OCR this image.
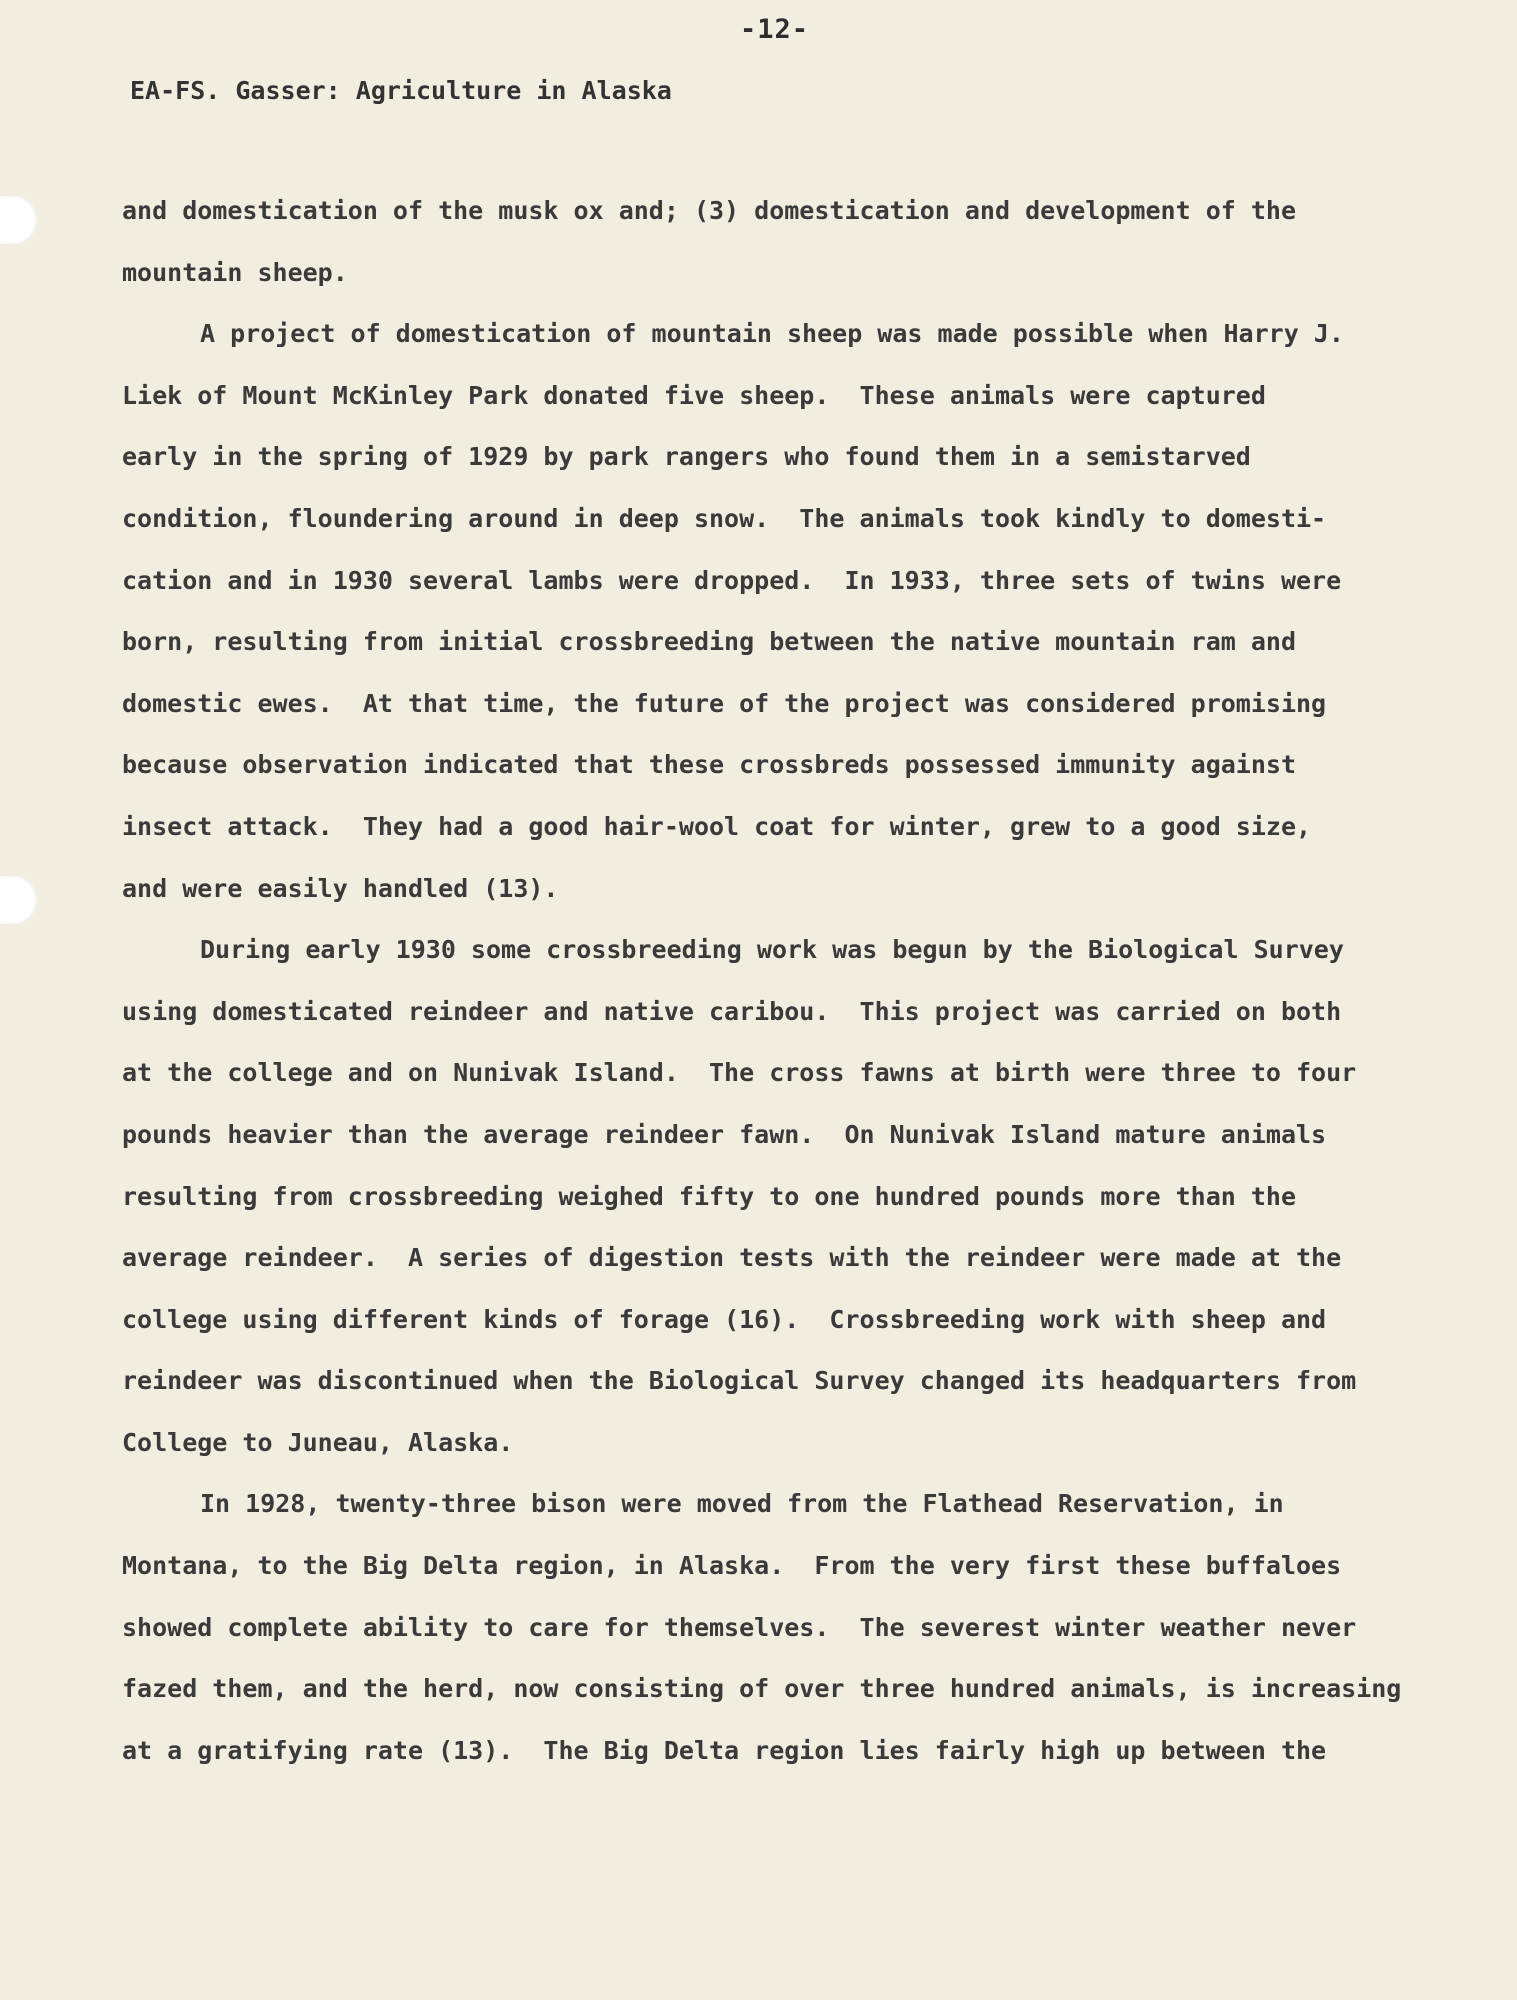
-12-
EA-FS. Gasser: Agriculture in Alaska
and domestication of the musk ox and; (3) domestication and development of the
mountain sheep.
A project of domestication of mountain sheep was made possible when Harry J.
Liek of Mount McKinley Park donated five sheep.  These animals were captured
early in the spring of 1929 by park rangers who found them in a semistarved
condition, floundering around in deep snow.  The animals took kindly to domesti-
cation and in 1930 several lambs were dropped.  In 1933, three sets of twins were
born, resulting from initial crossbreeding between the native mountain ram and
domestic ewes.  At that time, the future of the project was considered promising
because observation indicated that these crossbreds possessed immunity against
insect attack.  They had a good hair-wool coat for winter, grew to a good size,
and were easily handled (13).
During early 1930 some crossbreeding work was begun by the Biological Survey
using domesticated reindeer and native caribou.  This project was carried on both
at the college and on Nunivak Island.  The cross fawns at birth were three to four
pounds heavier than the average reindeer fawn.  On Nunivak Island mature animals
resulting from crossbreeding weighed fifty to one hundred pounds more than the
average reindeer.  A series of digestion tests with the reindeer were made at the
college using different kinds of forage (16).  Crossbreeding work with sheep and
reindeer was discontinued when the Biological Survey changed its headquarters from
College to Juneau, Alaska.
In 1928, twenty-three bison were moved from the Flathead Reservation, in
Montana, to the Big Delta region, in Alaska.  From the very first these buffaloes
showed complete ability to care for themselves.  The severest winter weather never
fazed them, and the herd, now consisting of over three hundred animals, is increasing
at a gratifying rate (13).  The Big Delta region lies fairly high up between the
